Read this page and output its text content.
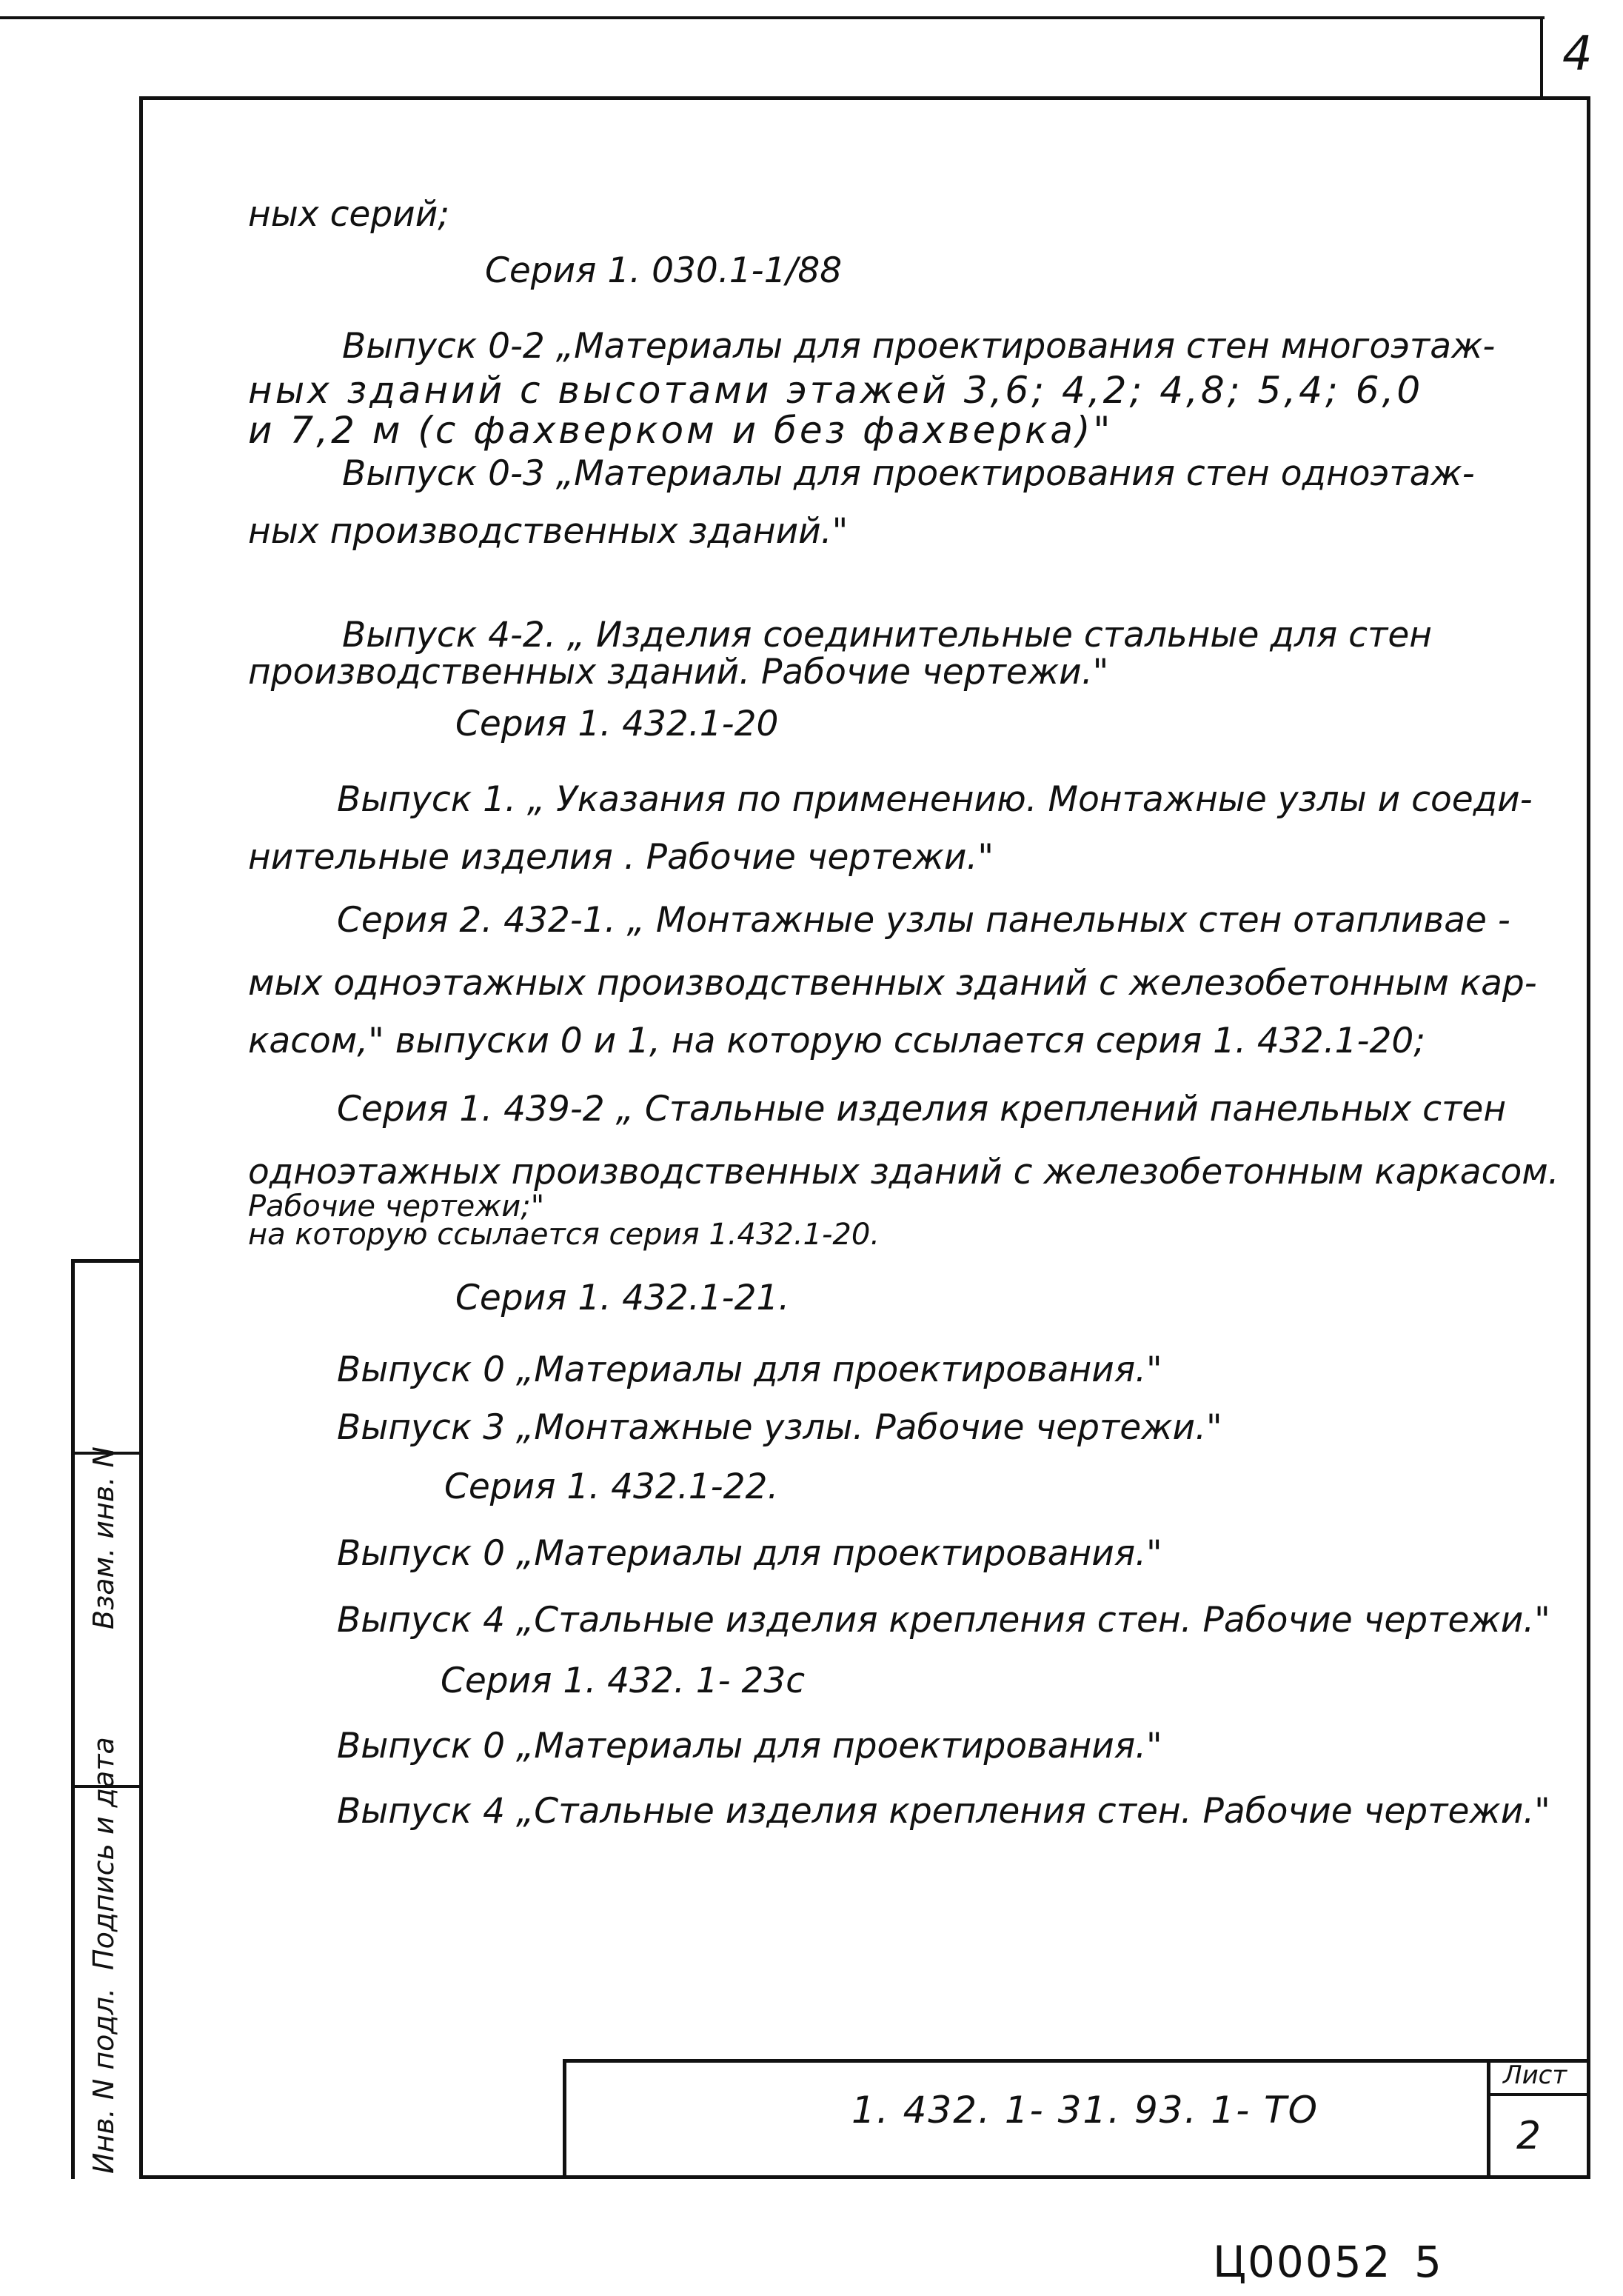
4
ных серий;
Серия 1. 030.1-1/88
Выпуск 0-2 „Материалы для проектирования стен многоэтаж-
ных зданий с высотами этажей 3,6; 4,2; 4,8; 5,4; 6,0
и 7,2 м (с фахверком и без фахверка)"
Выпуск 0-3 „Материалы для проектирования стен одноэтаж-
ных производственных зданий."
Выпуск 4-2. „ Изделия соединительные стальные для стен
производственных зданий. Рабочие чертежи."
Серия 1. 432.1-20
Выпуск 1. „ Указания по применению. Монтажные узлы и соеди-
нительные изделия . Рабочие чертежи."
Серия 2. 432-1. „ Монтажные узлы панельных стен отапливае -
мых одноэтажных производственных зданий с железобетонным кар-
касом," выпуски 0 и 1, на которую ссылается серия 1. 432.1-20;
Серия 1. 439-2 „ Стальные изделия креплений панельных стен
одноэтажных производственных зданий с железобетонным каркасом.
Рабочие чертежи;"
на которую ссылается серия 1.432.1-20.
Серия 1. 432.1-21.
Выпуск 0 „Материалы для проектирования."
Выпуск 3 „Монтажные узлы. Рабочие чертежи."
Серия 1. 432.1-22.
Выпуск 0 „Материалы для проектирования."
Выпуск 4 „Стальные изделия крепления стен. Рабочие чертежи."
Серия 1. 432. 1- 23с
Выпуск 0 „Материалы для проектирования."
Выпуск 4 „Стальные изделия крепления стен. Рабочие чертежи."
1. 432. 1- 31. 93. 1- ТО
Лист
2
Инв. N подл.
Подпись и дата
Взам. инв. N
Ц00052 5
